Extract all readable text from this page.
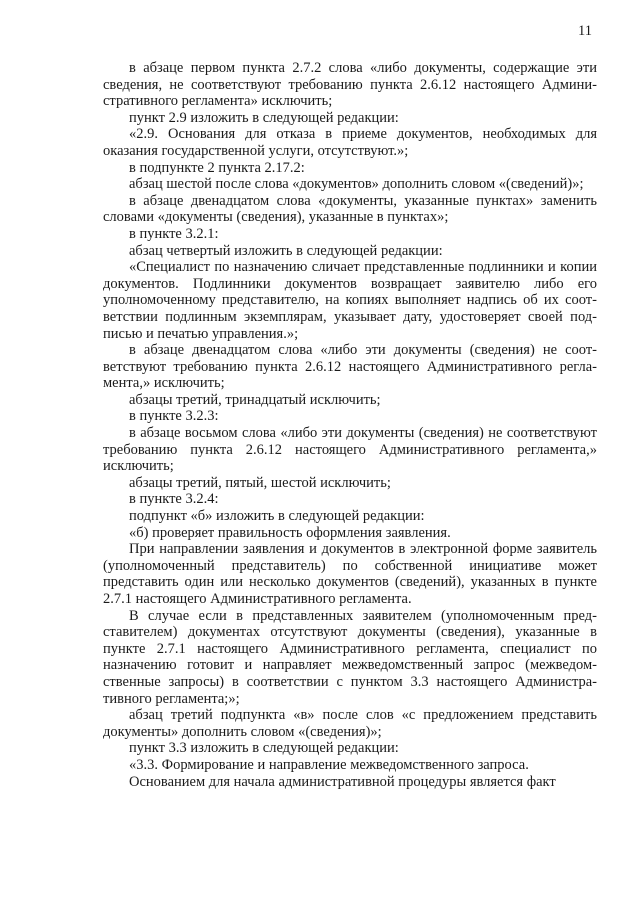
11

в абзаце первом пункта 2.7.2 слова «либо документы, содержащие эти сведения, не соответствуют требованию пункта 2.6.12 настоящего Административного регламента» исключить;

пункт 2.9 изложить в следующей редакции:

«2.9. Основания для отказа в приеме документов, необходимых для оказания государственной услуги, отсутствуют.»;

в подпункте 2 пункта 2.17.2:

абзац шестой после слова «документов» дополнить словом «(сведений)»;

в абзаце двенадцатом слова «документы, указанные пунктах» заменить словами «документы (сведения), указанные в пунктах»;

в пункте 3.2.1:

абзац четвертый изложить в следующей редакции:

«Специалист по назначению сличает представленные подлинники и копии документов. Подлинники документов возвращает заявителю либо его уполномоченному представителю, на копиях выполняет надпись об их соответствии подлинным экземплярам, указывает дату, удостоверяет своей подписью и печатью управления.»;

в абзаце двенадцатом слова «либо эти документы (сведения) не соответствуют требованию пункта 2.6.12 настоящего Административного регламента,» исключить;

абзацы третий, тринадцатый исключить;

в пункте 3.2.3:

в абзаце восьмом слова «либо эти документы (сведения) не соответствуют требованию пункта 2.6.12 настоящего Административного регламента,» исключить;

абзацы третий, пятый, шестой исключить;

в пункте 3.2.4:

подпункт «б» изложить в следующей редакции:

«б) проверяет правильность оформления заявления.

При направлении заявления и документов в электронной форме заявитель (уполномоченный представитель) по собственной инициативе может представить один или несколько документов (сведений), указанных в пункте 2.7.1 настоящего Административного регламента.

В случае если в представленных заявителем (уполномоченным представителем) документах отсутствуют документы (сведения), указанные в пункте 2.7.1 настоящего Административного регламента, специалист по назначению готовит и направляет межведомственный запрос (межведомственные запросы) в соответствии с пунктом 3.3 настоящего Административного регламента;»;

абзац третий подпункта «в» после слов «с предложением представить документы» дополнить словом «(сведения)»;

пункт 3.3 изложить в следующей редакции:

«3.3. Формирование и направление межведомственного запроса.

Основанием для начала административной процедуры является факт
